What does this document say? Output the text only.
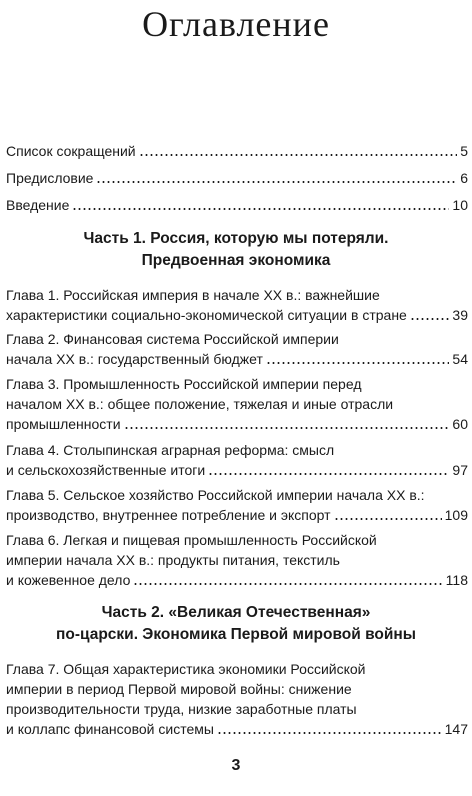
Оглавление
Список сокращений	5
Предисловие	6
Введение	10
Часть 1. Россия, которую мы потеряли.
Предвоенная экономика
Глава 1. Российская империя в начале ХХ в.: важнейшие
характеристики социально-экономической ситуации в стране	39
Глава 2. Финансовая система Российской империи
начала ХХ в.: государственный бюджет	54
Глава 3. Промышленность Российской империи перед
началом ХХ в.: общее положение, тяжелая и иные отрасли
промышленности	60
Глава 4. Столыпинская аграрная реформа: смысл
и сельскохозяйственные итоги	97
Глава 5. Сельское хозяйство Российской империи начала ХХ в.:
производство, внутреннее потребление и экспорт	109
Глава 6. Легкая и пищевая промышленность Российской
империи начала ХХ в.: продукты питания, текстиль
и кожевенное дело	118
Часть 2. «Великая Отечественная»
по-царски. Экономика Первой мировой войны
Глава 7. Общая характеристика экономики Российской
империи в период Первой мировой войны: снижение
производительности труда, низкие заработные платы
и коллапс финансовой системы	147
3
